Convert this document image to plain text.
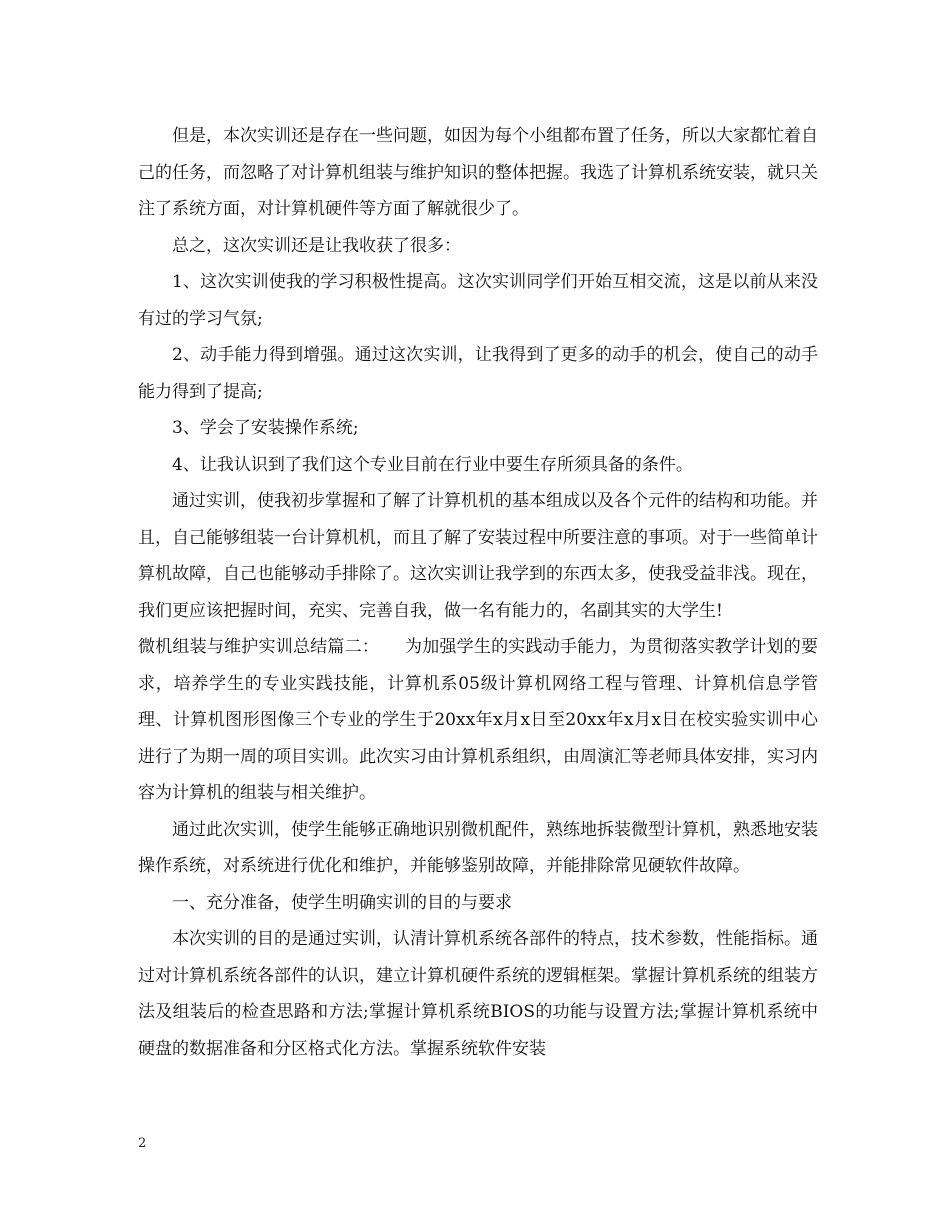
但是，本次实训还是存在一些问题，如因为每个小组都布置了任务，所以大家都忙着自己的任务，而忽略了对计算机组装与维护知识的整体把握。我选了计算机系统安装，就只关注了系统方面，对计算机硬件等方面了解就很少了。

总之，这次实训还是让我收获了很多：

1、这次实训使我的学习积极性提高。这次实训同学们开始互相交流，这是以前从来没有过的学习气氛;

2、动手能力得到增强。通过这次实训，让我得到了更多的动手的机会，使自己的动手能力得到了提高;

3、学会了安装操作系统;

4、让我认识到了我们这个专业目前在行业中要生存所须具备的条件。

通过实训，使我初步掌握和了解了计算机机的基本组成以及各个元件的结构和功能。并且，自己能够组装一台计算机机，而且了解了安装过程中所要注意的事项。对于一些简单计算机故障，自己也能够动手排除了。这次实训让我学到的东西太多，使我受益非浅。现在，我们更应该把握时间，充实、完善自我，做一名有能力的，名副其实的大学生!

微机组装与维护实训总结篇二：　　为加强学生的实践动手能力，为贯彻落实教学计划的要求，培养学生的专业实践技能，计算机系05级计算机网络工程与管理、计算机信息学管理、计算机图形图像三个专业的学生于20xx年x月x日至20xx年x月x日在校实验实训中心进行了为期一周的项目实训。此次实习由计算机系组织，由周演汇等老师具体安排，实习内容为计算机的组装与相关维护。

通过此次实训，使学生能够正确地识别微机配件，熟练地拆装微型计算机，熟悉地安装操作系统，对系统进行优化和维护，并能够鉴别故障，并能排除常见硬软件故障。

一、充分准备，使学生明确实训的目的与要求

本次实训的目的是通过实训，认清计算机系统各部件的特点，技术参数，性能指标。通过对计算机系统各部件的认识，建立计算机硬件系统的逻辑框架。掌握计算机系统的组装方法及组装后的检查思路和方法;掌握计算机系统BIOS的功能与设置方法;掌握计算机系统中硬盘的数据准备和分区格式化方法。掌握系统软件安装

2
